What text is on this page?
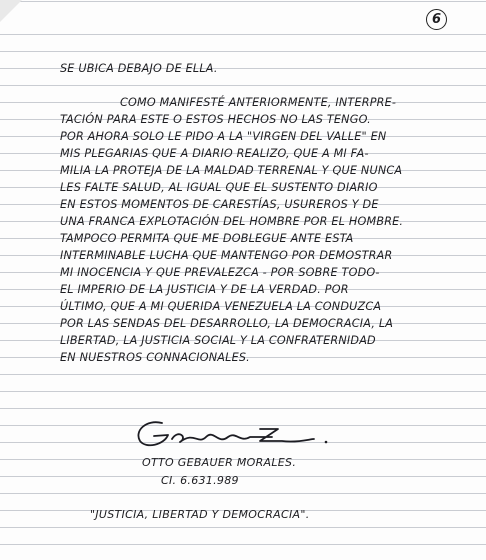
6
SE UBICA DEBAJO DE ELLA.
COMO MANIFESTÉ ANTERIORMENTE, INTERPRE-
TACIÓN PARA ESTE O ESTOS HECHOS NO LAS TENGO.
POR AHORA SOLO LE PIDO A LA "VIRGEN DEL VALLE" EN
MIS PLEGARIAS QUE A DIARIO REALIZO, QUE A MI FA-
MILIA LA PROTEJA DE LA MALDAD TERRENAL Y QUE NUNCA
LES FALTE SALUD, AL IGUAL QUE EL SUSTENTO DIARIO
EN ESTOS MOMENTOS DE CARESTÍAS, USUREROS Y DE
UNA FRANCA EXPLOTACIÓN DEL HOMBRE POR EL HOMBRE.
TAMPOCO PERMITA QUE ME DOBLEGUE ANTE ESTA
INTERMINABLE LUCHA QUE MANTENGO POR DEMOSTRAR
MI INOCENCIA Y QUE PREVALEZCA - POR SOBRE TODO-
EL IMPERIO DE LA JUSTICIA Y DE LA VERDAD. POR
ÚLTIMO, QUE A MI QUERIDA VENEZUELA LA CONDUZCA
POR LAS SENDAS DEL DESARROLLO, LA DEMOCRACIA, LA
LIBERTAD, LA JUSTICIA SOCIAL Y LA CONFRATERNIDAD
EN NUESTROS CONNACIONALES.
OTTO GEBAUER MORALES.
CI. 6.631.989
"JUSTICIA, LIBERTAD Y DEMOCRACIA".
